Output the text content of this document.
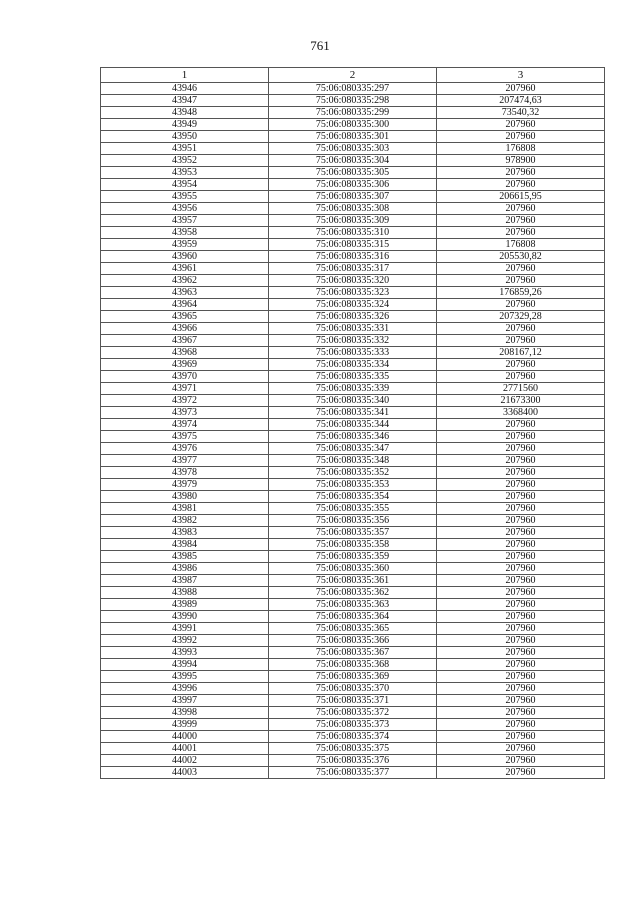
761
1	2	3
43946	75:06:080335:297	207960
43947	75:06:080335:298	207474,63
43948	75:06:080335:299	73540,32
43949	75:06:080335:300	207960
43950	75:06:080335:301	207960
43951	75:06:080335:303	176808
43952	75:06:080335:304	978900
43953	75:06:080335:305	207960
43954	75:06:080335:306	207960
43955	75:06:080335:307	206615,95
43956	75:06:080335:308	207960
43957	75:06:080335:309	207960
43958	75:06:080335:310	207960
43959	75:06:080335:315	176808
43960	75:06:080335:316	205530,82
43961	75:06:080335:317	207960
43962	75:06:080335:320	207960
43963	75:06:080335:323	176859,26
43964	75:06:080335:324	207960
43965	75:06:080335:326	207329,28
43966	75:06:080335:331	207960
43967	75:06:080335:332	207960
43968	75:06:080335:333	208167,12
43969	75:06:080335:334	207960
43970	75:06:080335:335	207960
43971	75:06:080335:339	2771560
43972	75:06:080335:340	21673300
43973	75:06:080335:341	3368400
43974	75:06:080335:344	207960
43975	75:06:080335:346	207960
43976	75:06:080335:347	207960
43977	75:06:080335:348	207960
43978	75:06:080335:352	207960
43979	75:06:080335:353	207960
43980	75:06:080335:354	207960
43981	75:06:080335:355	207960
43982	75:06:080335:356	207960
43983	75:06:080335:357	207960
43984	75:06:080335:358	207960
43985	75:06:080335:359	207960
43986	75:06:080335:360	207960
43987	75:06:080335:361	207960
43988	75:06:080335:362	207960
43989	75:06:080335:363	207960
43990	75:06:080335:364	207960
43991	75:06:080335:365	207960
43992	75:06:080335:366	207960
43993	75:06:080335:367	207960
43994	75:06:080335:368	207960
43995	75:06:080335:369	207960
43996	75:06:080335:370	207960
43997	75:06:080335:371	207960
43998	75:06:080335:372	207960
43999	75:06:080335:373	207960
44000	75:06:080335:374	207960
44001	75:06:080335:375	207960
44002	75:06:080335:376	207960
44003	75:06:080335:377	207960
